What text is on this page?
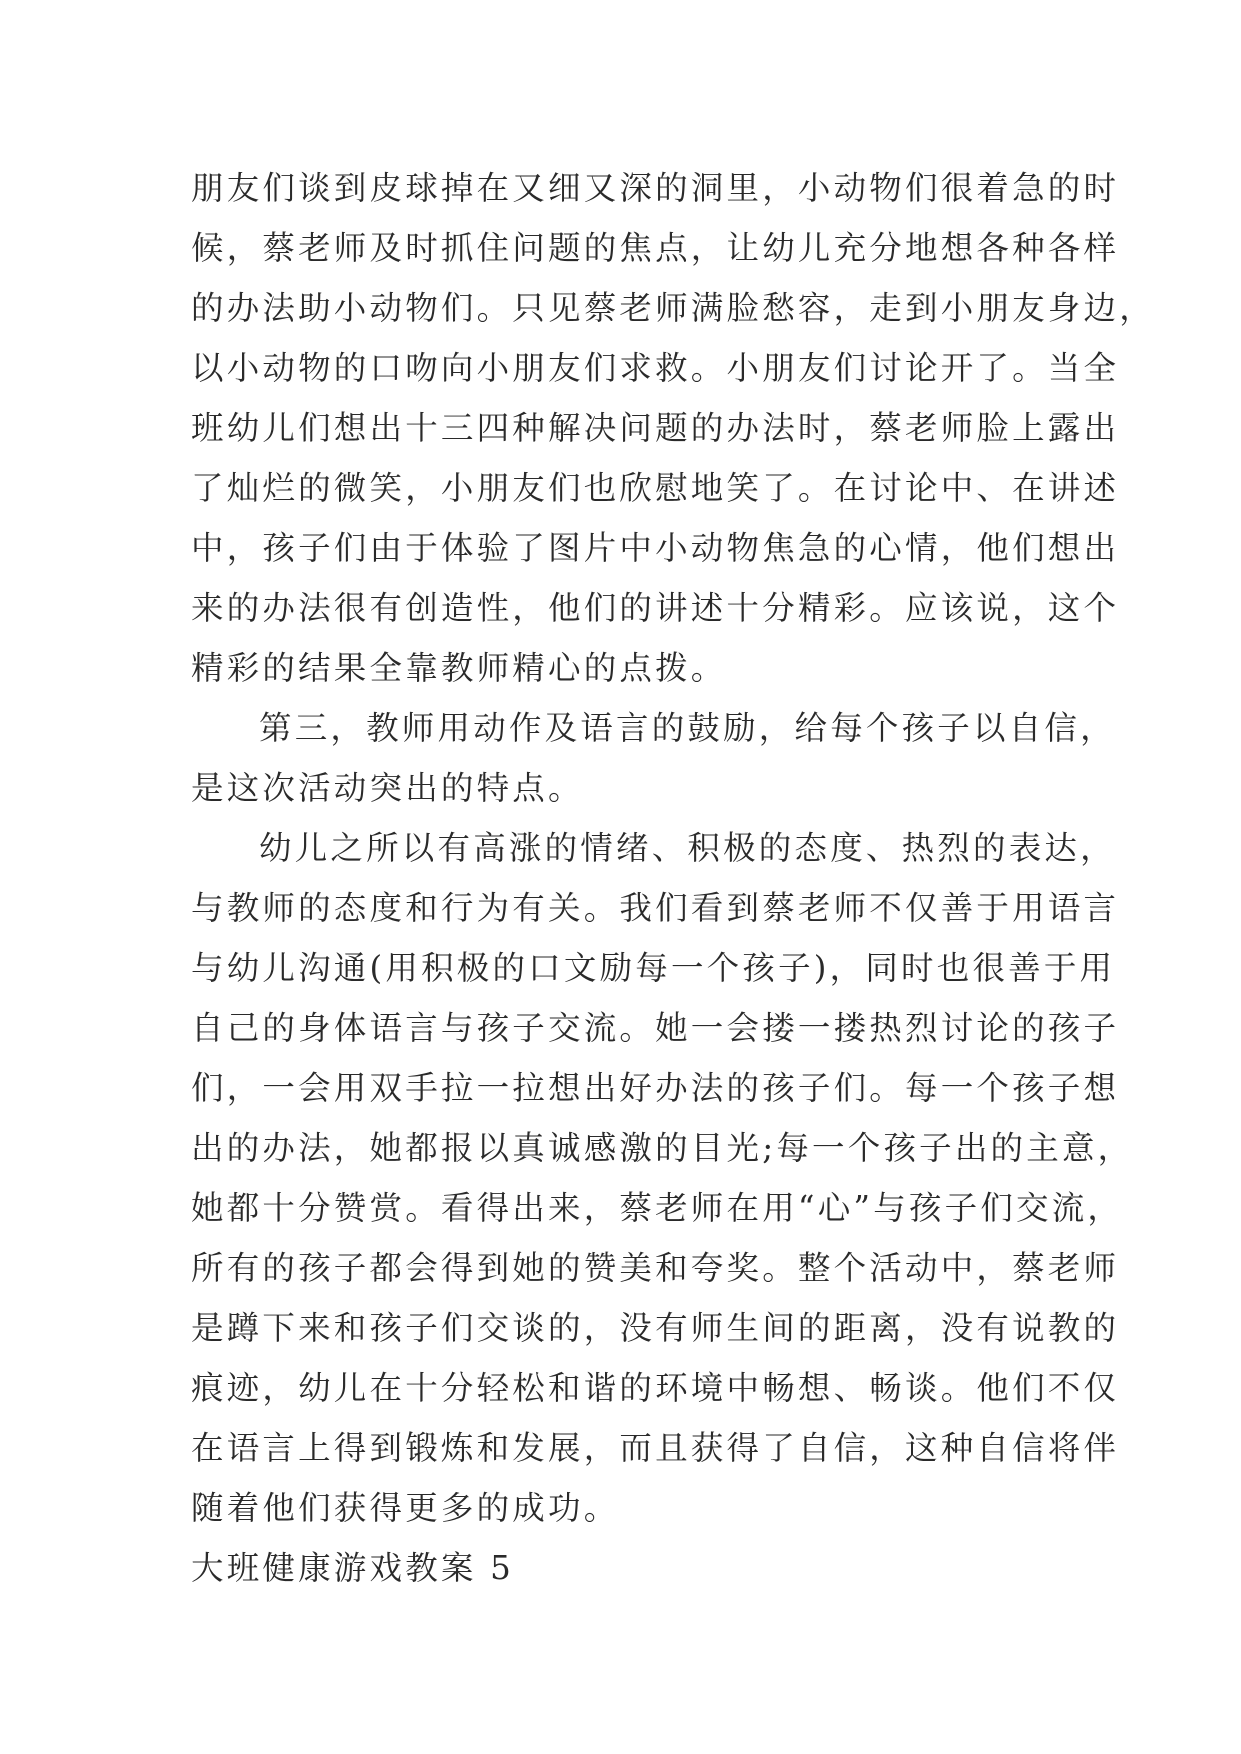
朋友们谈到皮球掉在又细又深的洞里，小动物们很着急的时
候，蔡老师及时抓住问题的焦点，让幼儿充分地想各种各样
的办法助小动物们。只见蔡老师满脸愁容，走到小朋友身边，
以小动物的口吻向小朋友们求救。小朋友们讨论开了。当全
班幼儿们想出十三四种解决问题的办法时，蔡老师脸上露出
了灿烂的微笑，小朋友们也欣慰地笑了。在讨论中、在讲述
中，孩子们由于体验了图片中小动物焦急的心情，他们想出
来的办法很有创造性，他们的讲述十分精彩。应该说，这个
精彩的结果全靠教师精心的点拨。
第三，教师用动作及语言的鼓励，给每个孩子以自信，
是这次活动突出的特点。
幼儿之所以有高涨的情绪、积极的态度、热烈的表达，
与教师的态度和行为有关。我们看到蔡老师不仅善于用语言
与幼儿沟通(用积极的口文励每一个孩子)，同时也很善于用
自己的身体语言与孩子交流。她一会搂一搂热烈讨论的孩子
们，一会用双手拉一拉想出好办法的孩子们。每一个孩子想
出的办法，她都报以真诚感激的目光;每一个孩子出的主意，
她都十分赞赏。看得出来，蔡老师在用“心”与孩子们交流，
所有的孩子都会得到她的赞美和夸奖。整个活动中，蔡老师
是蹲下来和孩子们交谈的，没有师生间的距离，没有说教的
痕迹，幼儿在十分轻松和谐的环境中畅想、畅谈。他们不仅
在语言上得到锻炼和发展，而且获得了自信，这种自信将伴
随着他们获得更多的成功。
大班健康游戏教案 5
